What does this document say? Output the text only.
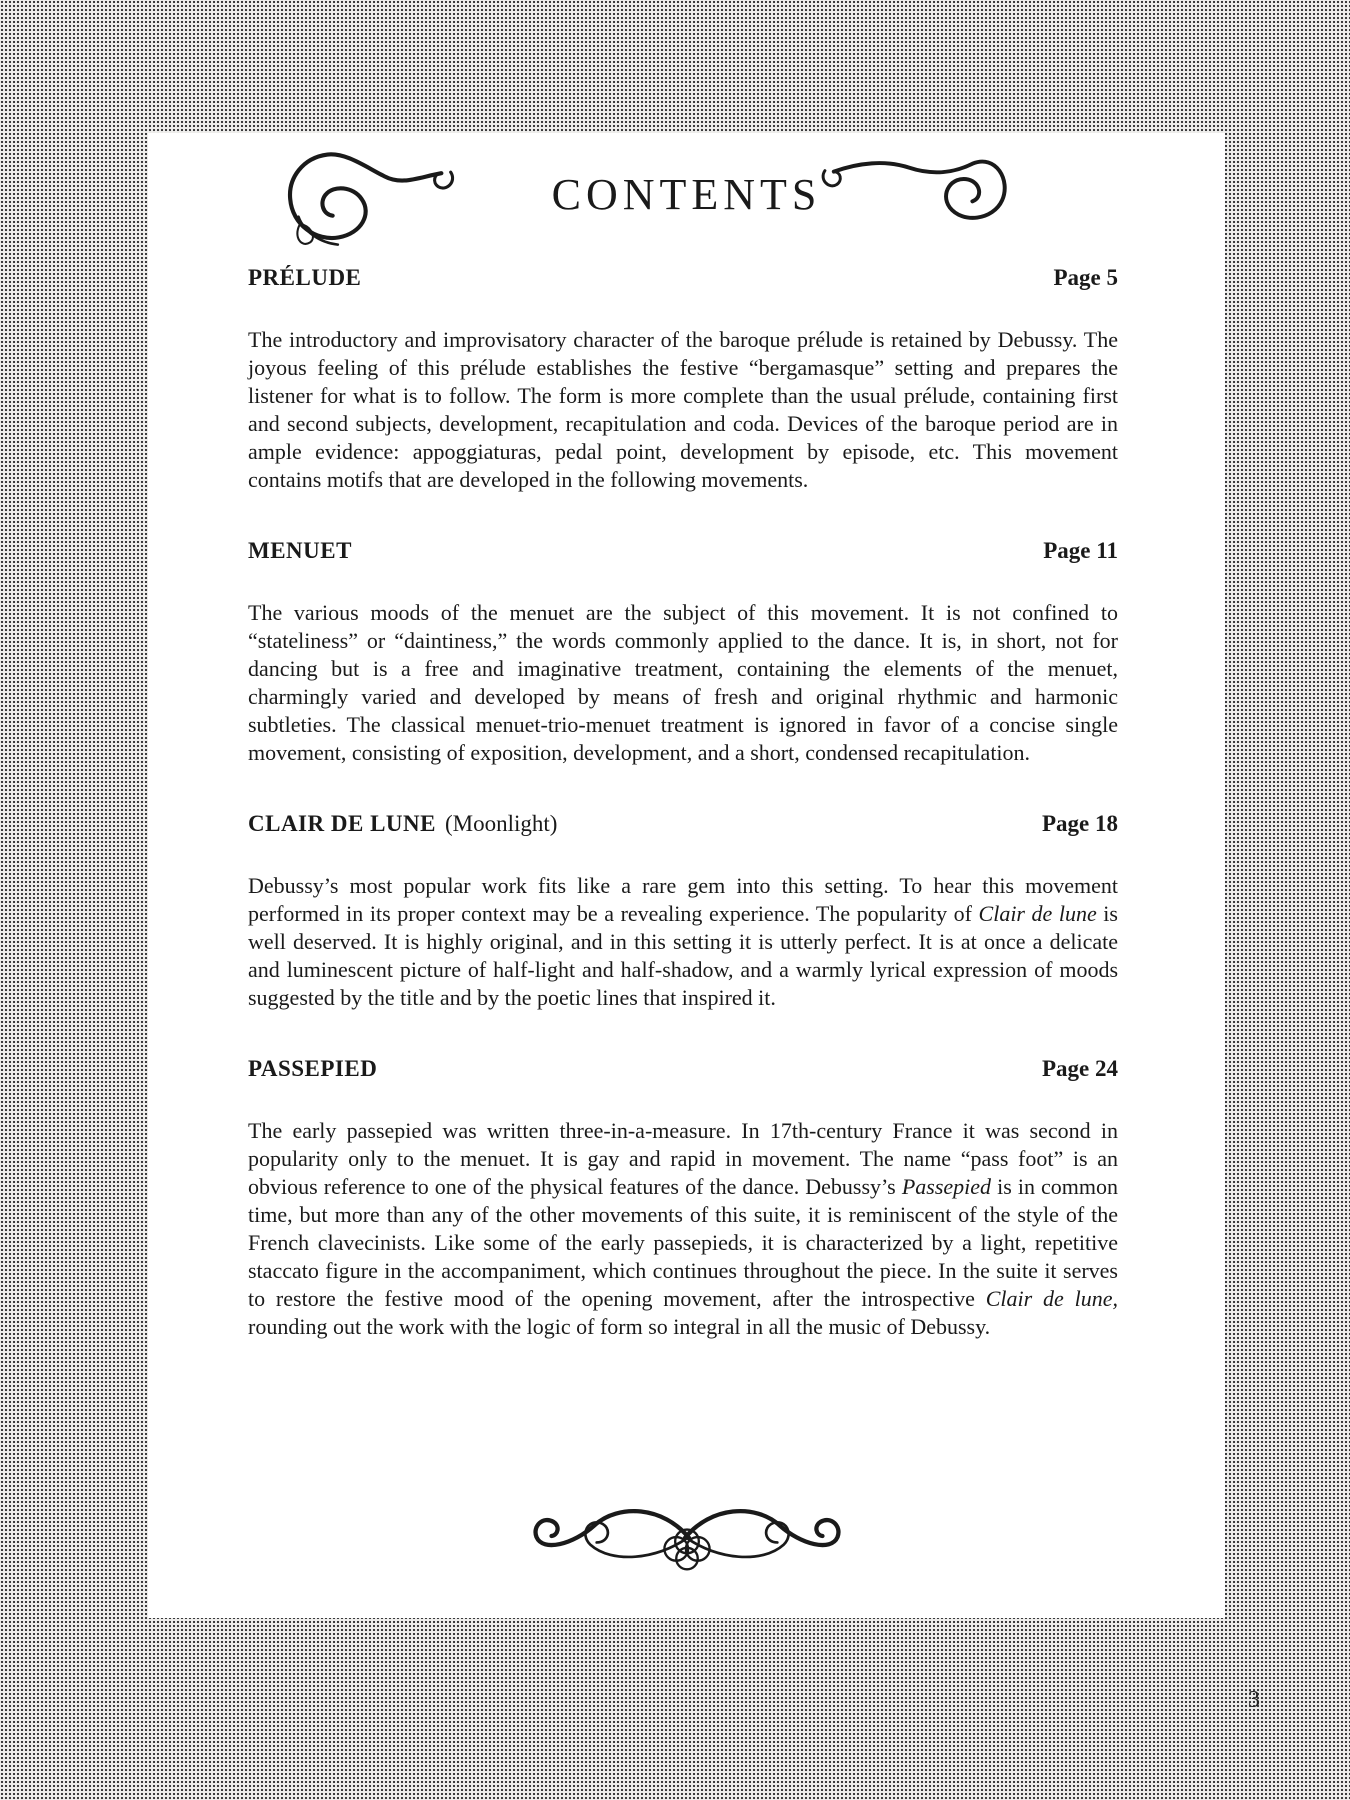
CONTENTS
PRÉLUDE	Page 5

The introductory and improvisatory character of the baroque prélude is retained by Debussy. The joyous feeling of this prélude establishes the festive “bergamasque” setting and prepares the listener for what is to follow. The form is more complete than the usual prélude, containing first and second subjects, development, recapitulation and coda. Devices of the baroque period are in ample evidence: appoggiaturas, pedal point, development by episode, etc. This movement contains motifs that are developed in the following movements.

MENUET	Page 11

The various moods of the menuet are the subject of this movement. It is not confined to “stateliness” or “daintiness,” the words commonly applied to the dance. It is, in short, not for dancing but is a free and imaginative treatment, containing the elements of the menuet, charmingly varied and developed by means of fresh and original rhythmic and harmonic subtleties. The classical menuet-trio-menuet treatment is ignored in favor of a concise single movement, consisting of exposition, development, and a short, condensed recapitulation.

CLAIR DE LUNE (Moonlight)	Page 18

Debussy’s most popular work fits like a rare gem into this setting. To hear this movement performed in its proper context may be a revealing experience. The popularity of Clair de lune is well deserved. It is highly original, and in this setting it is utterly perfect. It is at once a delicate and luminescent picture of half-light and half-shadow, and a warmly lyrical expression of moods suggested by the title and by the poetic lines that inspired it.

PASSEPIED	Page 24

The early passepied was written three-in-a-measure. In 17th-century France it was second in popularity only to the menuet. It is gay and rapid in movement. The name “pass foot” is an obvious reference to one of the physical features of the dance. Debussy’s Passepied is in common time, but more than any of the other movements of this suite, it is reminiscent of the style of the French clavecinists. Like some of the early passepieds, it is characterized by a light, repetitive staccato figure in the accompaniment, which continues throughout the piece. In the suite it serves to restore the festive mood of the opening movement, after the introspective Clair de lune, rounding out the work with the logic of form so integral in all the music of Debussy.

3
